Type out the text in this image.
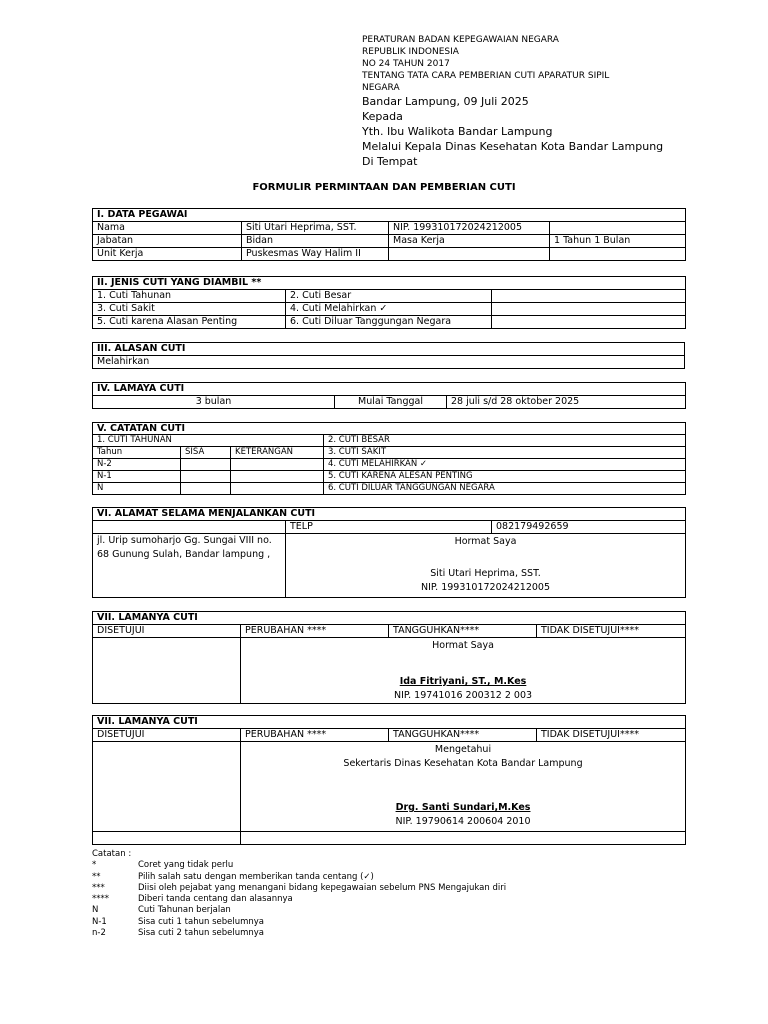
PERATURAN BADAN KEPEGAWAIAN NEGARA
REPUBLIK INDONESIA
NO 24 TAHUN 2017
TENTANG TATA CARA PEMBERIAN CUTI APARATUR SIPIL
NEGARA
Bandar Lampung, 09 Juli 2025
Kepada
Yth. Ibu Walikota Bandar Lampung
Melalui Kepala Dinas Kesehatan Kota Bandar Lampung
Di Tempat
FORMULIR PERMINTAAN DAN PEMBERIAN CUTI
I. DATA PEGAWAI			
Nama	Siti Utari Heprima, SST.	NIP. 199310172024212005	
Jabatan	Bidan	Masa Kerja	1 Tahun 1 Bulan
Unit Kerja	Puskesmas Way Halim II		
II. JENIS CUTI YANG DIAMBIL **		
1. Cuti Tahunan	2. Cuti Besar	
3. Cuti Sakit	4. Cuti Melahirkan ✓	
5. Cuti karena Alasan Penting	6. Cuti Diluar Tanggungan Negara	
III. ALASAN CUTI
Melahirkan
IV. LAMAYA CUTI
3 bulan	Mulai Tanggal	28 juli s/d 28 oktober 2025
V. CATATAN CUTI			
1. CUTI TAHUNAN			2. CUTI BESAR
Tahun	SISA	KETERANGAN	3. CUTI SAKIT
N-2			4. CUTI MELAHIRKAN ✓
N-1			5. CUTI KARENA ALESAN PENTING
N			6. CUTI DILUAR TANGGUNGAN NEGARA
VI. ALAMAT SELAMA MENJALANKAN CUTI		
	TELP	082179492659
jl. Urip sumoharjo Gg. Sungai VIII no. 68 Gunung Sulah, Bandar lampung ,	Hormat Saya
Siti Utari Heprima, SST.
NIP. 199310172024212005	
VII. LAMANYA CUTI			
DISETUJUI	PERUBAHAN ****	TANGGUHKAN****	TIDAK DISETUJUI****

	Hormat Saya
Ida Fitriyani, ST., M.Kes
NIP. 19741016 200312 2 003		
VII. LAMANYA CUTI			
DISETUJUI	PERUBAHAN ****	TANGGUHKAN****	TIDAK DISETUJUI****

	Mengetahui
Sekertaris Dinas Kesehatan Kota Bandar Lampung
Drg. Santi Sundari,M.Kes
NIP. 19790614 200604 2010		

Catatan :
*	Coret yang tidak perlu
**	Pilih salah satu dengan memberikan tanda centang (✓)
***	Diisi oleh pejabat yang menangani bidang kepegawaian sebelum PNS Mengajukan diri
****	Diberi tanda centang dan alasannya
N	Cuti Tahunan berjalan
N-1	Sisa cuti 1 tahun sebelumnya
n-2	Sisa cuti 2 tahun sebelumnya
